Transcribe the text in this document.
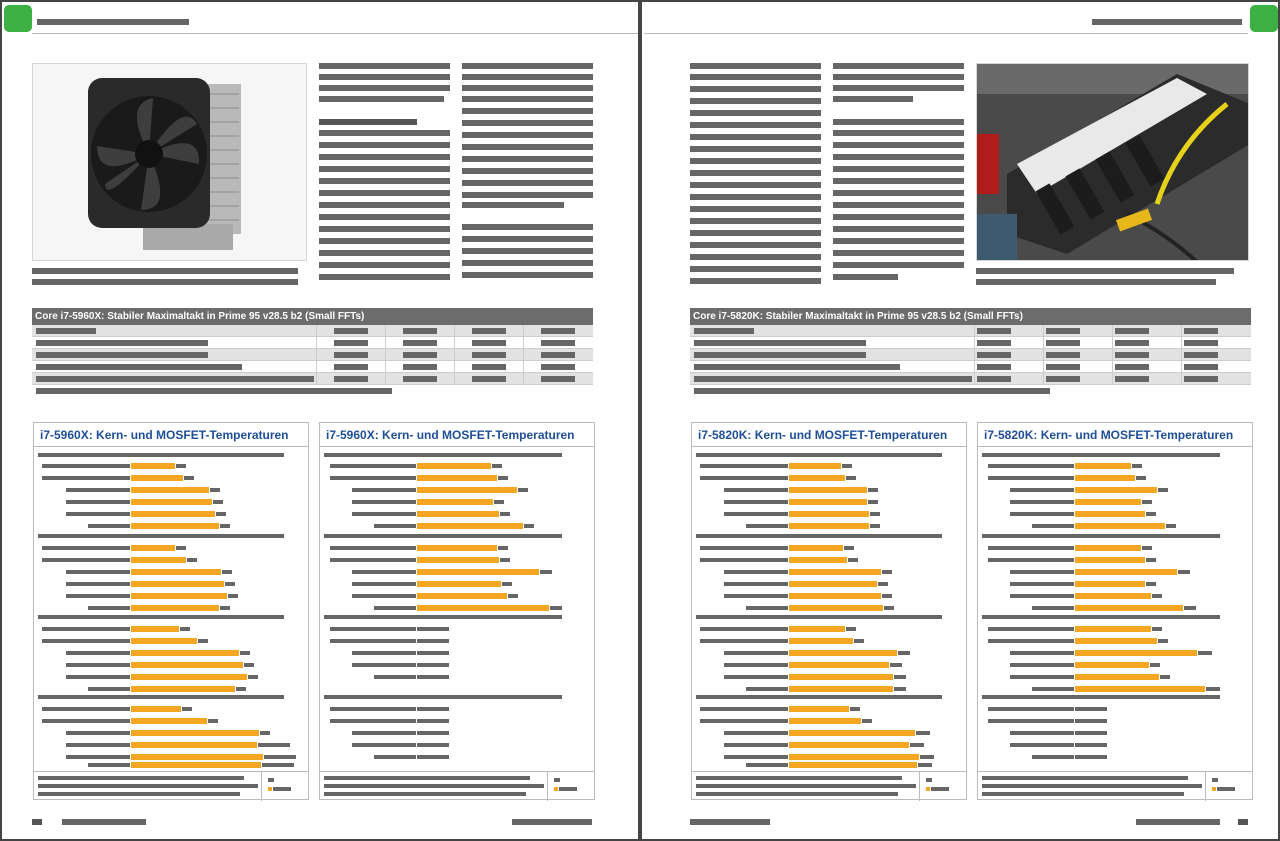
Core i7-5960X: Stabiler Maximaltakt in Prime 95 v28.5 b2 (Small FFTs)
i7-5960X: Kern- und MOSFET-Temperaturen	i7-5960X: Kern- und MOSFET-Temperaturen
Core i7-5820K: Stabiler Maximaltakt in Prime 95 v28.5 b2 (Small FFTs)
i7-5820K: Kern- und MOSFET-Temperaturen	i7-5820K: Kern- und MOSFET-Temperaturen
